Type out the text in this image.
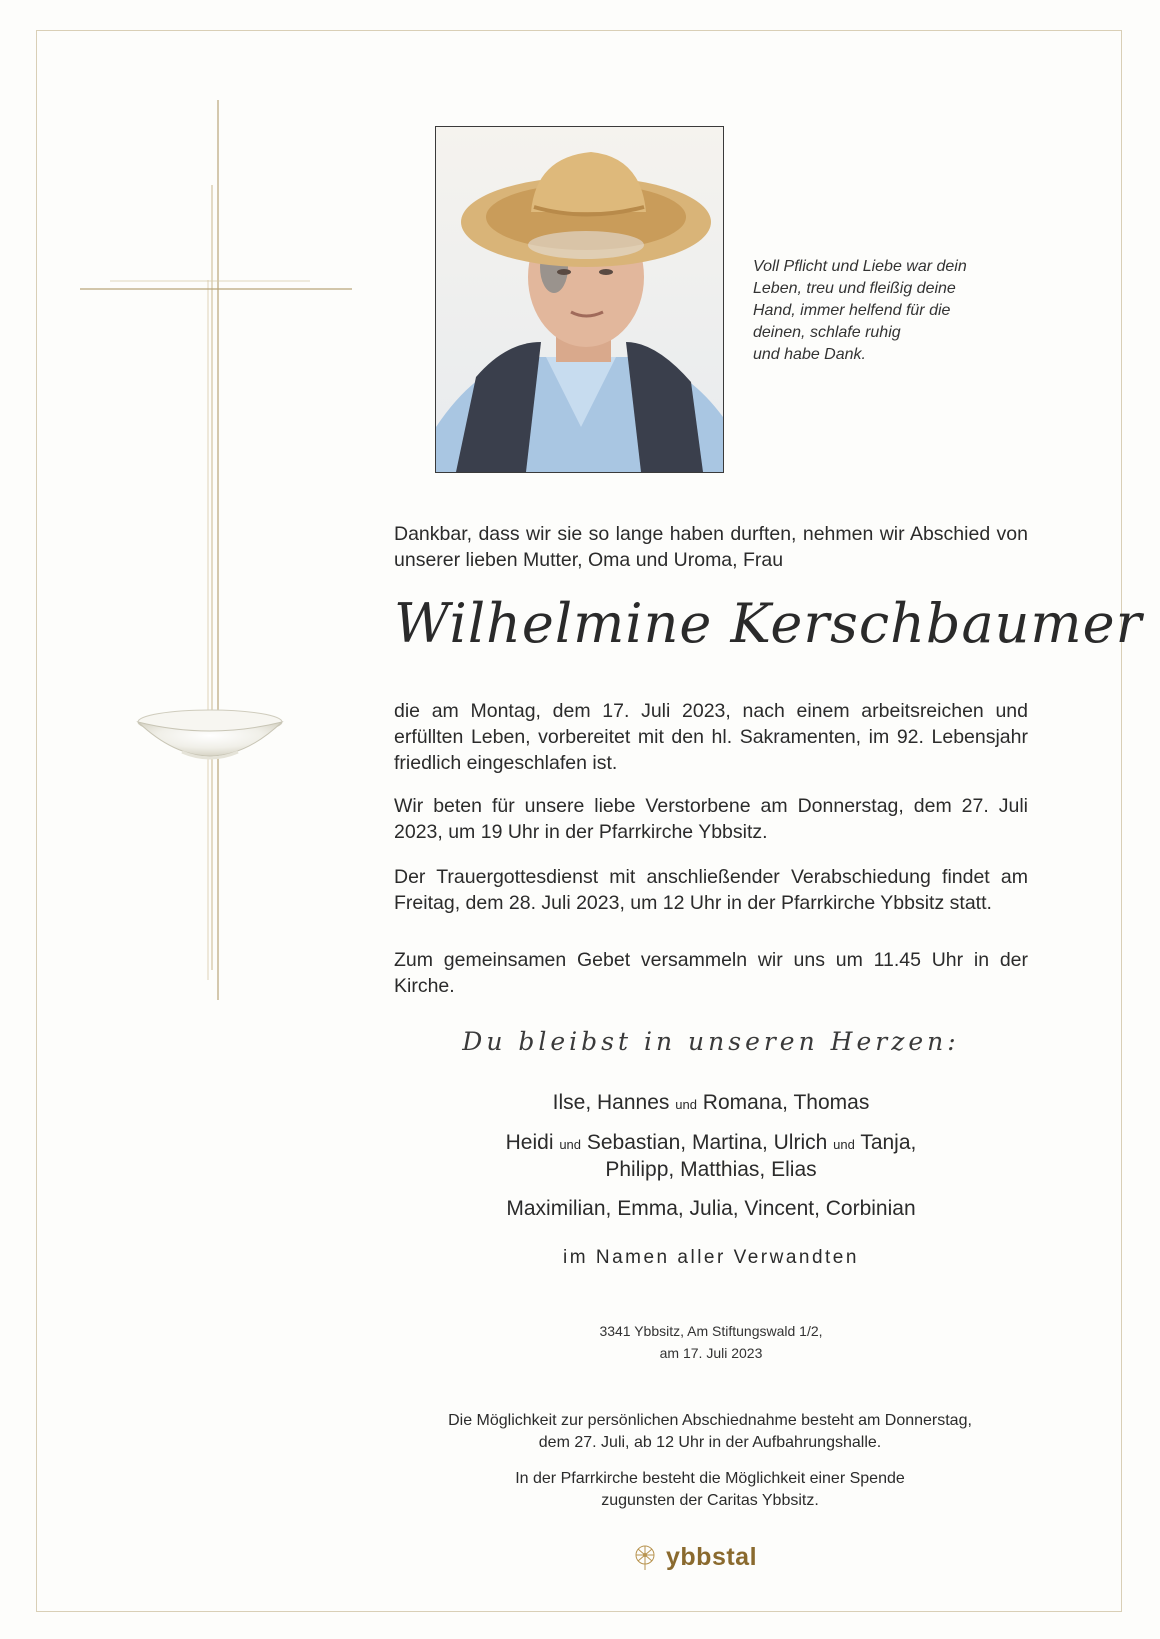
Voll Pflicht und Liebe war dein
Leben, treu und fleißig deine
Hand, immer helfend für die
deinen, schlafe ruhig
und habe Dank.

Dankbar, dass wir sie so lange haben durften, nehmen wir Abschied von unserer lieben Mutter, Oma und Uroma, Frau

Wilhelmine Kerschbaumer

die am Montag, dem 17. Juli 2023, nach einem arbeitsreichen und erfüllten Leben, vorbereitet mit den hl. Sakramenten, im 92. Lebensjahr friedlich eingeschlafen ist.

Wir beten für unsere liebe Verstorbene am Donnerstag, dem 27. Juli 2023, um 19 Uhr in der Pfarrkirche Ybbsitz.

Der Trauergottesdienst mit anschließender Verabschiedung findet am Freitag, dem 28. Juli 2023, um 12 Uhr in der Pfarrkirche Ybbsitz statt.

Zum gemeinsamen Gebet versammeln wir uns um 11.45 Uhr in der Kirche.

Du bleibst in unseren Herzen:
Ilse, Hannes und Romana, Thomas
Heidi und Sebastian, Martina, Ulrich und Tanja,
Philipp, Matthias, Elias
Maximilian, Emma, Julia, Vincent, Corbinian
im Namen aller Verwandten
3341 Ybbsitz, Am Stiftungswald 1/2,
am 17. Juli 2023
Die Möglichkeit zur persönlichen Abschiednahme besteht am Donnerstag,
dem 27. Juli, ab 12 Uhr in der Aufbahrungshalle.
In der Pfarrkirche besteht die Möglichkeit einer Spende
zugunsten der Caritas Ybbsitz.
ybbstal
